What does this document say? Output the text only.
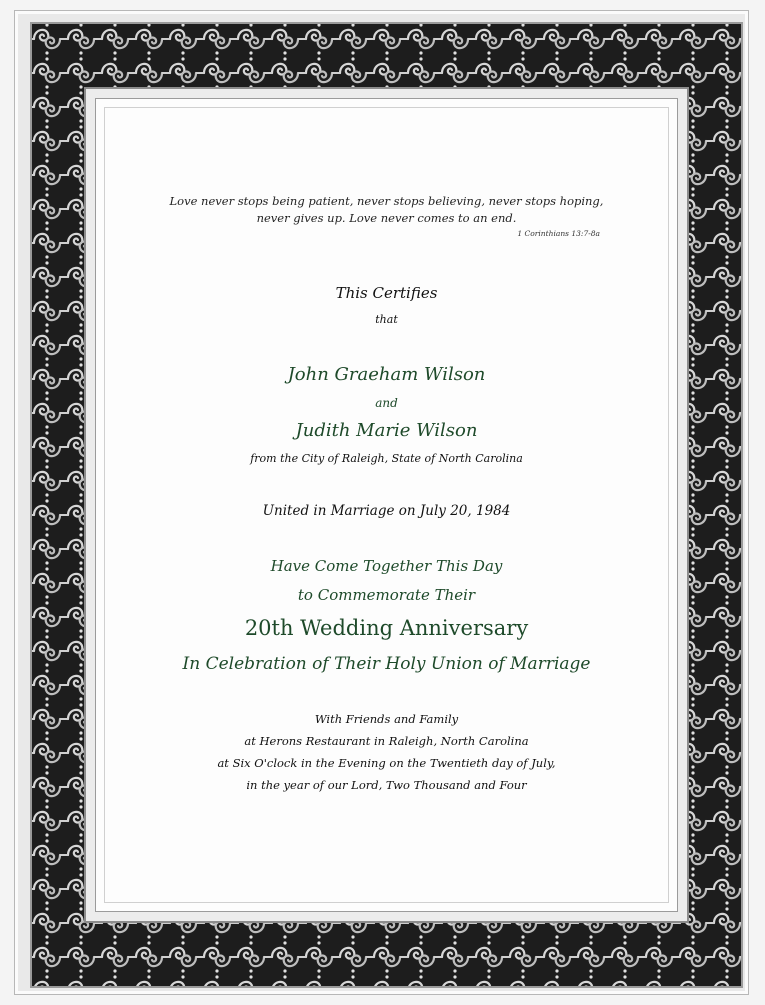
Love never stops being patient, never stops believing, never stops hoping,
never gives up. Love never comes to an end.
1 Corinthians 13:7-8a
This Certifies
that
John Graeham Wilson
and
Judith Marie Wilson
from the City of Raleigh, State of North Carolina
United in Marriage on July 20, 1984
Have Come Together This Day
to Commemorate Their
20th Wedding Anniversary
In Celebration of Their Holy Union of Marriage
With Friends and Family
at Herons Restaurant in Raleigh, North Carolina
at Six O'clock in the Evening on the Twentieth day of July,
in the year of our Lord, Two Thousand and Four
